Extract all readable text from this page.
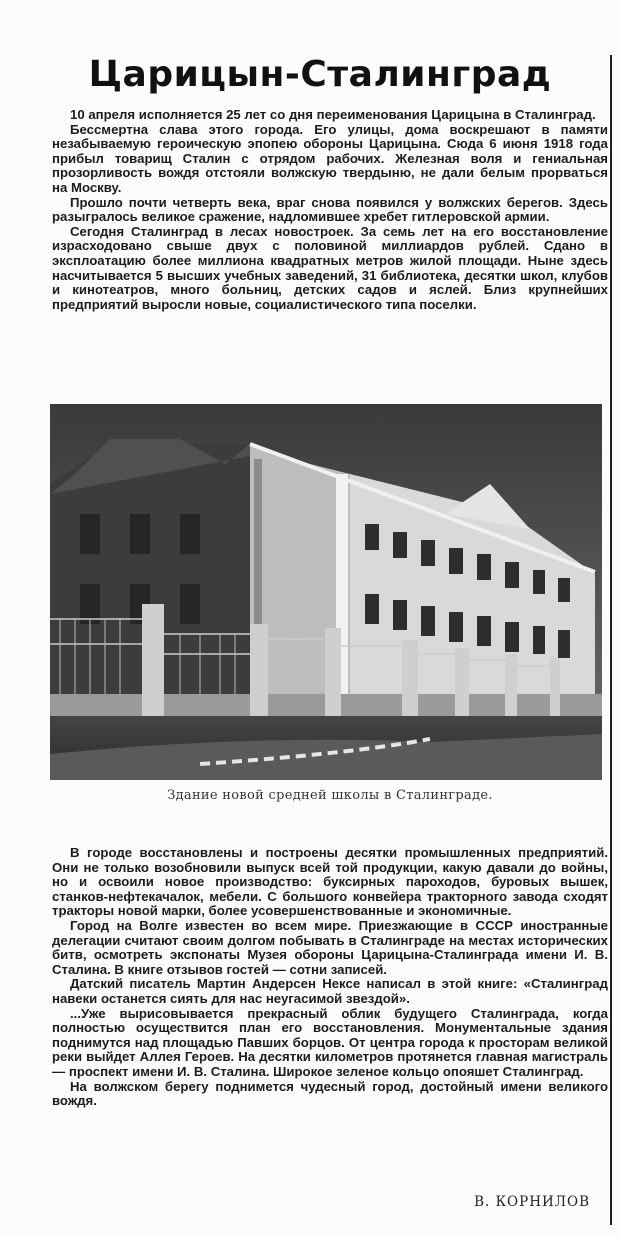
Царицын-Сталинград

10 апреля исполняется 25 лет со дня переименования Царицына в Сталинград.

Бессмертна слава этого города. Его улицы, дома воскрешают в памяти незабываемую героическую эпопею обороны Царицына. Сюда 6 июня 1918 года прибыл товарищ Сталин с отрядом рабочих. Железная воля и гениальная прозорливость вождя отстояли волжскую твердыню, не дали белым прорваться на Москву.

Прошло почти четверть века, враг снова появился у волжских берегов. Здесь разыгралось великое сражение, надломившее хребет гитлеровской армии.

Сегодня Сталинград в лесах новостроек. За семь лет на его восстановление израсходовано свыше двух с половиной миллиардов рублей. Сдано в эксплоатацию более миллиона квадратных метров жилой площади. Ныне здесь насчитывается 5 высших учебных заведений, 31 библиотека, десятки школ, клубов и кинотеатров, много больниц, детских садов и яслей. Близ крупнейших предприятий выросли новые, социалистического типа поселки.

Здание новой средней школы в Сталинграде.

В городе восстановлены и построены десятки промышленных предприятий. Они не только возобновили выпуск всей той продукции, какую давали до войны, но и освоили новое производство: буксирных пароходов, буровых вышек, станков-нефтекачалок, мебели. С большого конвейера тракторного завода сходят тракторы новой марки, более усовершенствованные и экономичные.

Город на Волге известен во всем мире. Приезжающие в СССР иностранные делегации считают своим долгом побывать в Сталинграде на местах исторических битв, осмотреть экспонаты Музея обороны Царицына-Сталинграда имени И. В. Сталина. В книге отзывов гостей — сотни записей.

Датский писатель Мартин Андерсен Нексе написал в этой книге: «Сталинград навеки останется сиять для нас неугасимой звездой».

...Уже вырисовывается прекрасный облик будущего Сталинграда, когда полностью осуществится план его восстановления. Монументальные здания поднимутся над площадью Павших борцов. От центра города к просторам великой реки выйдет Аллея Героев. На десятки километров протянется главная магистраль — проспект имени И. В. Сталина. Широкое зеленое кольцо опояшет Сталинград.

На волжском берегу поднимется чудесный город, достойный имени великого вождя.

В. КОРНИЛОВ
